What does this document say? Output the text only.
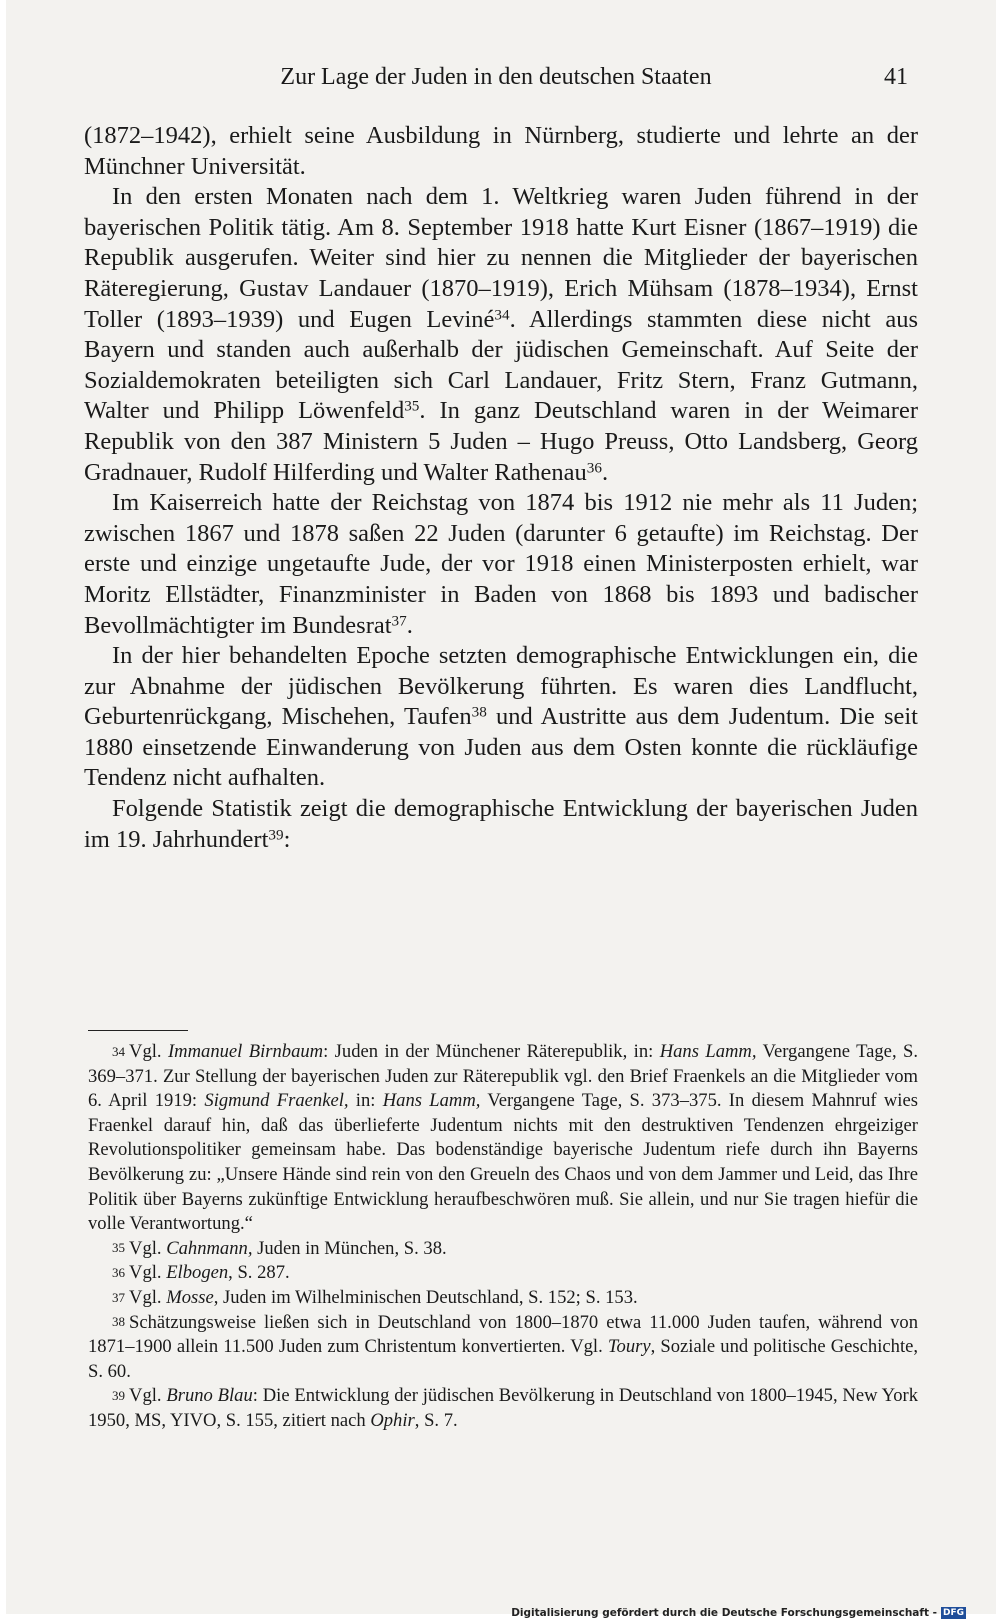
Zur Lage der Juden in den deutschen Staaten	41

(1872–1942), erhielt seine Ausbildung in Nürnberg, studierte und lehrte an der Münchner Universität.

In den ersten Monaten nach dem 1. Weltkrieg waren Juden führend in der bayerischen Politik tätig. Am 8. September 1918 hatte Kurt Eisner (1867–1919) die Republik ausgerufen. Weiter sind hier zu nennen die Mitglieder der bayerischen Räteregierung, Gustav Landauer (1870–1919), Erich Mühsam (1878–1934), Ernst Toller (1893–1939) und Eugen Leviné$^{34}$. Allerdings stammten diese nicht aus Bayern und standen auch außerhalb der jüdischen Gemeinschaft. Auf Seite der Sozialdemokraten beteiligten sich Carl Landauer, Fritz Stern, Franz Gutmann, Walter und Philipp Löwenfeld$^{35}$. In ganz Deutschland waren in der Weimarer Republik von den 387 Ministern 5 Juden – Hugo Preuss, Otto Landsberg, Georg Gradnauer, Rudolf Hilferding und Walter Rathenau$^{36}$.

Im Kaiserreich hatte der Reichstag von 1874 bis 1912 nie mehr als 11 Juden; zwischen 1867 und 1878 saßen 22 Juden (darunter 6 getaufte) im Reichstag. Der erste und einzige ungetaufte Jude, der vor 1918 einen Ministerposten erhielt, war Moritz Ellstädter, Finanzminister in Baden von 1868 bis 1893 und badischer Bevollmächtigter im Bundesrat$^{37}$.

In der hier behandelten Epoche setzten demographische Entwicklungen ein, die zur Abnahme der jüdischen Bevölkerung führten. Es waren dies Landflucht, Geburtenrückgang, Mischehen, Taufen$^{38}$ und Austritte aus dem Judentum. Die seit 1880 einsetzende Einwanderung von Juden aus dem Osten konnte die rückläufige Tendenz nicht aufhalten.

Folgende Statistik zeigt die demographische Entwicklung der bayerischen Juden im 19. Jahrhundert$^{39}$:

$^{34}$ Vgl. Immanuel Birnbaum: Juden in der Münchener Räterepublik, in: Hans Lamm, Vergangene Tage, S. 369–371. Zur Stellung der bayerischen Juden zur Räterepublik vgl. den Brief Fraenkels an die Mitglieder vom 6. April 1919: Sigmund Fraenkel, in: Hans Lamm, Vergangene Tage, S. 373–375. In diesem Mahnruf wies Fraenkel darauf hin, daß das überlieferte Judentum nichts mit den destruktiven Tendenzen ehrgeiziger Revolutionspolitiker gemeinsam habe. Das bodenständige bayerische Judentum riefe durch ihn Bayerns Bevölkerung zu: „Unsere Hände sind rein von den Greueln des Chaos und von dem Jammer und Leid, das Ihre Politik über Bayerns zukünftige Entwicklung heraufbeschwören muß. Sie allein, und nur Sie tragen hiefür die volle Verantwortung.“

$^{35}$ Vgl. Cahnmann, Juden in München, S. 38.

$^{36}$ Vgl. Elbogen, S. 287.

$^{37}$ Vgl. Mosse, Juden im Wilhelminischen Deutschland, S. 152; S. 153.

$^{38}$ Schätzungsweise ließen sich in Deutschland von 1800–1870 etwa 11.000 Juden taufen, während von 1871–1900 allein 11.500 Juden zum Christentum konvertierten. Vgl. Toury, Soziale und politische Geschichte, S. 60.

$^{39}$ Vgl. Bruno Blau: Die Entwicklung der jüdischen Bevölkerung in Deutschland von 1800–1945, New York 1950, MS, YIVO, S. 155, zitiert nach Ophir, S. 7.

Digitalisierung gefördert durch die Deutsche Forschungsgemeinschaft - DFG
